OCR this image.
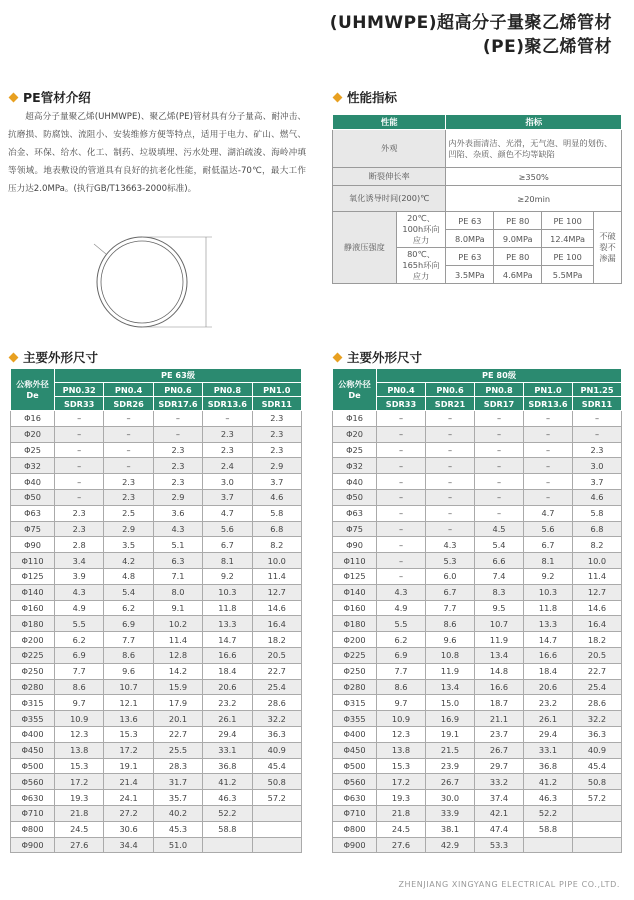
(UHMWPE)超高分子量聚乙烯管材
(PE)聚乙烯管材
PE管材介绍
超高分子量聚乙烯(UHMWPE)、聚乙烯(PE)管材具有分子量高、耐冲击、抗磨损、防腐蚀、流阻小、安装维修方便等特点，适用于电力、矿山、燃气、冶金、环保、给水、化工、制药、垃圾填埋、污水处理、湖泊疏浚、海岭冲填等领域。地表敷设的管道具有良好的抗老化性能，耐低温达-70℃，最大工作压力达2.0MPa。(执行GB/T13663-2000标准)。
性能指标
性能		指标			
外观		内外表面清洁、光滑，无气泡、明显的划伤、凹陷、杂质、颜色不均等缺陷			
断裂伸长率		≥350%			
氧化诱导时间(200)℃		≥20min			
静液压强度	20℃、100h环向应力	PE 63	PE 80	PE 100	不破裂不渗漏
		8.0MPa	9.0MPa	12.4MPa	
	80℃、165h环向应力	PE 63	PE 80	PE 100	
		3.5MPa	4.6MPa	5.5MPa	
主要外形尺寸
公称外径De	PE 63级				
	PN0.32	PN0.4	PN0.6	PN0.8	PN1.0
	SDR33	SDR26	SDR17.6	SDR13.6	SDR11
Φ16	–	–	–	–	2.3
Φ20	–	–	–	2.3	2.3
Φ25	–	–	2.3	2.3	2.3
Φ32	–	–	2.3	2.4	2.9
Φ40	–	2.3	2.3	3.0	3.7
Φ50	–	2.3	2.9	3.7	4.6
Φ63	2.3	2.5	3.6	4.7	5.8
Φ75	2.3	2.9	4.3	5.6	6.8
Φ90	2.8	3.5	5.1	6.7	8.2
Φ110	3.4	4.2	6.3	8.1	10.0
Φ125	3.9	4.8	7.1	9.2	11.4
Φ140	4.3	5.4	8.0	10.3	12.7
Φ160	4.9	6.2	9.1	11.8	14.6
Φ180	5.5	6.9	10.2	13.3	16.4
Φ200	6.2	7.7	11.4	14.7	18.2
Φ225	6.9	8.6	12.8	16.6	20.5
Φ250	7.7	9.6	14.2	18.4	22.7
Φ280	8.6	10.7	15.9	20.6	25.4
Φ315	9.7	12.1	17.9	23.2	28.6
Φ355	10.9	13.6	20.1	26.1	32.2
Φ400	12.3	15.3	22.7	29.4	36.3
Φ450	13.8	17.2	25.5	33.1	40.9
Φ500	15.3	19.1	28.3	36.8	45.4
Φ560	17.2	21.4	31.7	41.2	50.8
Φ630	19.3	24.1	35.7	46.3	57.2
Φ710	21.8	27.2	40.2	52.2	
Φ800	24.5	30.6	45.3	58.8	
Φ900	27.6	34.4	51.0		
主要外形尺寸
公称外径De	PE 80级				
	PN0.4	PN0.6	PN0.8	PN1.0	PN1.25
	SDR33	SDR21	SDR17	SDR13.6	SDR11
Φ16	–	–	–	–	–
Φ20	–	–	–	–	–
Φ25	–	–	–	–	2.3
Φ32	–	–	–	–	3.0
Φ40	–	–	–	–	3.7
Φ50	–	–	–	–	4.6
Φ63	–	–	–	4.7	5.8
Φ75	–	–	4.5	5.6	6.8
Φ90	–	4.3	5.4	6.7	8.2
Φ110	–	5.3	6.6	8.1	10.0
Φ125	–	6.0	7.4	9.2	11.4
Φ140	4.3	6.7	8.3	10.3	12.7
Φ160	4.9	7.7	9.5	11.8	14.6
Φ180	5.5	8.6	10.7	13.3	16.4
Φ200	6.2	9.6	11.9	14.7	18.2
Φ225	6.9	10.8	13.4	16.6	20.5
Φ250	7.7	11.9	14.8	18.4	22.7
Φ280	8.6	13.4	16.6	20.6	25.4
Φ315	9.7	15.0	18.7	23.2	28.6
Φ355	10.9	16.9	21.1	26.1	32.2
Φ400	12.3	19.1	23.7	29.4	36.3
Φ450	13.8	21.5	26.7	33.1	40.9
Φ500	15.3	23.9	29.7	36.8	45.4
Φ560	17.2	26.7	33.2	41.2	50.8
Φ630	19.3	30.0	37.4	46.3	57.2
Φ710	21.8	33.9	42.1	52.2	
Φ800	24.5	38.1	47.4	58.8	
Φ900	27.6	42.9	53.3		
ZHENJIANG XINGYANG ELECTRICAL PIPE CO.,LTD.
